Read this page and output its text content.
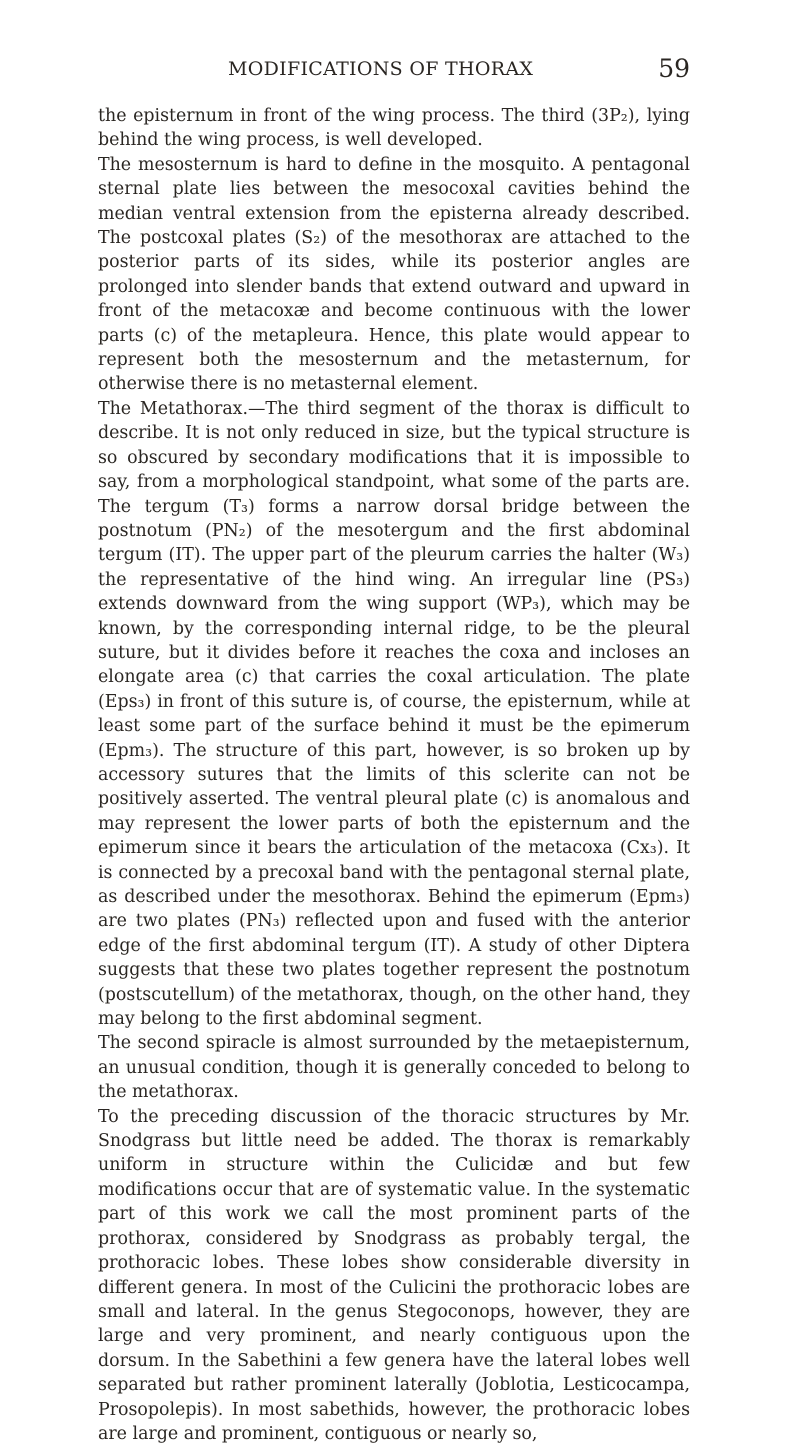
MODIFICATIONS OF THORAX	59

the episternum in front of the wing process. The third (3P₂), lying behind the wing process, is well developed.

The mesosternum is hard to define in the mosquito. A pentagonal sternal plate lies between the mesocoxal cavities behind the median ventral extension from the episterna already described. The postcoxal plates (S₂) of the mesothorax are attached to the posterior parts of its sides, while its posterior angles are prolonged into slender bands that extend outward and upward in front of the metacoxæ and become continuous with the lower parts (c) of the metapleura. Hence, this plate would appear to represent both the mesosternum and the metasternum, for otherwise there is no metasternal element.

The Metathorax.—The third segment of the thorax is difficult to describe. It is not only reduced in size, but the typical structure is so obscured by secondary modifications that it is impossible to say, from a morphological standpoint, what some of the parts are. The tergum (T₃) forms a narrow dorsal bridge between the postnotum (PN₂) of the mesotergum and the first abdominal tergum (IT). The upper part of the pleurum carries the halter (W₃) the representative of the hind wing. An irregular line (PS₃) extends downward from the wing support (WP₃), which may be known, by the corresponding internal ridge, to be the pleural suture, but it divides before it reaches the coxa and incloses an elongate area (c) that carries the coxal articulation. The plate (Eps₃) in front of this suture is, of course, the episternum, while at least some part of the surface behind it must be the epimerum (Epm₃). The structure of this part, however, is so broken up by accessory sutures that the limits of this sclerite can not be positively asserted. The ventral pleural plate (c) is anomalous and may represent the lower parts of both the episternum and the epimerum since it bears the articulation of the metacoxa (Cx₃). It is connected by a precoxal band with the pentagonal sternal plate, as described under the mesothorax. Behind the epimerum (Epm₃) are two plates (PN₃) reflected upon and fused with the anterior edge of the first abdominal tergum (IT). A study of other Diptera suggests that these two plates together represent the postnotum (postscutellum) of the metathorax, though, on the other hand, they may belong to the first abdominal segment.

The second spiracle is almost surrounded by the metaepisternum, an unusual condition, though it is generally conceded to belong to the metathorax.

To the preceding discussion of the thoracic structures by Mr. Snodgrass but little need be added. The thorax is remarkably uniform in structure within the Culicidæ and but few modifications occur that are of systematic value. In the systematic part of this work we call the most prominent parts of the prothorax, considered by Snodgrass as probably tergal, the prothoracic lobes. These lobes show considerable diversity in different genera. In most of the Culicini the prothoracic lobes are small and lateral. In the genus Stegoconops, however, they are large and very prominent, and nearly contiguous upon the dorsum. In the Sabethini a few genera have the lateral lobes well separated but rather prominent laterally (Joblotia, Lesticocampa, Prosopolepis). In most sabethids, however, the prothoracic lobes are large and prominent, contiguous or nearly so,
